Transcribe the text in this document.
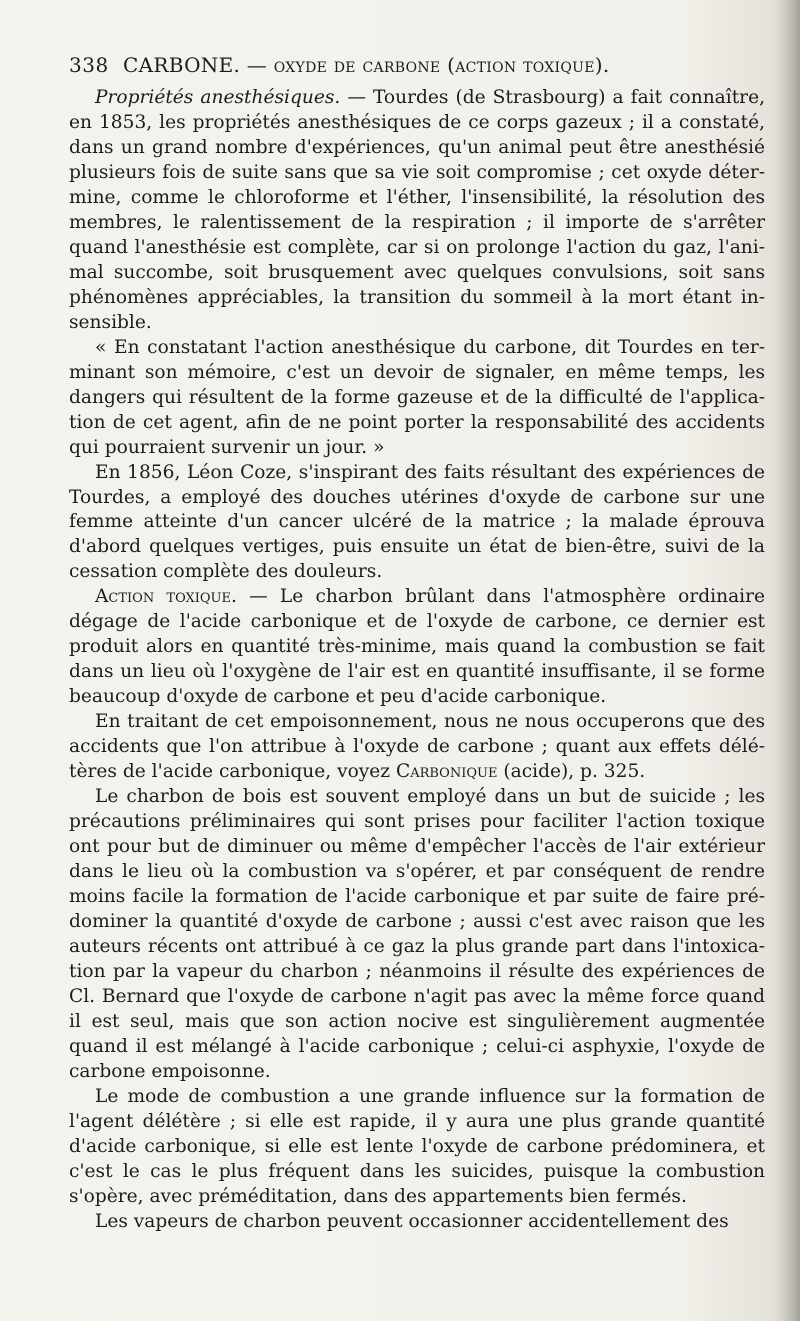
338 CARBONE. — oxyde de carbone (action toxique).
Propriétés anesthésiques. — Tourdes (de Strasbourg) a fait connaître,
en 1853, les propriétés anesthésiques de ce corps gazeux ; il a constaté,
dans un grand nombre d'expériences, qu'un animal peut être anesthésié
plusieurs fois de suite sans que sa vie soit compromise ; cet oxyde déter-
mine, comme le chloroforme et l'éther, l'insensibilité, la résolution des
membres, le ralentissement de la respiration ; il importe de s'arrêter
quand l'anesthésie est complète, car si on prolonge l'action du gaz, l'ani-
mal succombe, soit brusquement avec quelques convulsions, soit sans
phénomènes appréciables, la transition du sommeil à la mort étant in-
sensible.
« En constatant l'action anesthésique du carbone, dit Tourdes en ter-
minant son mémoire, c'est un devoir de signaler, en même temps, les
dangers qui résultent de la forme gazeuse et de la difficulté de l'applica-
tion de cet agent, afin de ne point porter la responsabilité des accidents
qui pourraient survenir un jour. »
En 1856, Léon Coze, s'inspirant des faits résultant des expériences de
Tourdes, a employé des douches utérines d'oxyde de carbone sur une
femme atteinte d'un cancer ulcéré de la matrice ; la malade éprouva
d'abord quelques vertiges, puis ensuite un état de bien-être, suivi de la
cessation complète des douleurs.
Action toxique. — Le charbon brûlant dans l'atmosphère ordinaire
dégage de l'acide carbonique et de l'oxyde de carbone, ce dernier est
produit alors en quantité très-minime, mais quand la combustion se fait
dans un lieu où l'oxygène de l'air est en quantité insuffisante, il se forme
beaucoup d'oxyde de carbone et peu d'acide carbonique.
En traitant de cet empoisonnement, nous ne nous occuperons que des
accidents que l'on attribue à l'oxyde de carbone ; quant aux effets délé-
tères de l'acide carbonique, voyez Carbonique (acide), p. 325.
Le charbon de bois est souvent employé dans un but de suicide ; les
précautions préliminaires qui sont prises pour faciliter l'action toxique
ont pour but de diminuer ou même d'empêcher l'accès de l'air extérieur
dans le lieu où la combustion va s'opérer, et par conséquent de rendre
moins facile la formation de l'acide carbonique et par suite de faire pré-
dominer la quantité d'oxyde de carbone ; aussi c'est avec raison que les
auteurs récents ont attribué à ce gaz la plus grande part dans l'intoxica-
tion par la vapeur du charbon ; néanmoins il résulte des expériences de
Cl. Bernard que l'oxyde de carbone n'agit pas avec la même force quand
il est seul, mais que son action nocive est singulièrement augmentée
quand il est mélangé à l'acide carbonique ; celui-ci asphyxie, l'oxyde de
carbone empoisonne.
Le mode de combustion a une grande influence sur la formation de
l'agent délétère ; si elle est rapide, il y aura une plus grande quantité
d'acide carbonique, si elle est lente l'oxyde de carbone prédominera, et
c'est le cas le plus fréquent dans les suicides, puisque la combustion
s'opère, avec préméditation, dans des appartements bien fermés.
Les vapeurs de charbon peuvent occasionner accidentellement des
